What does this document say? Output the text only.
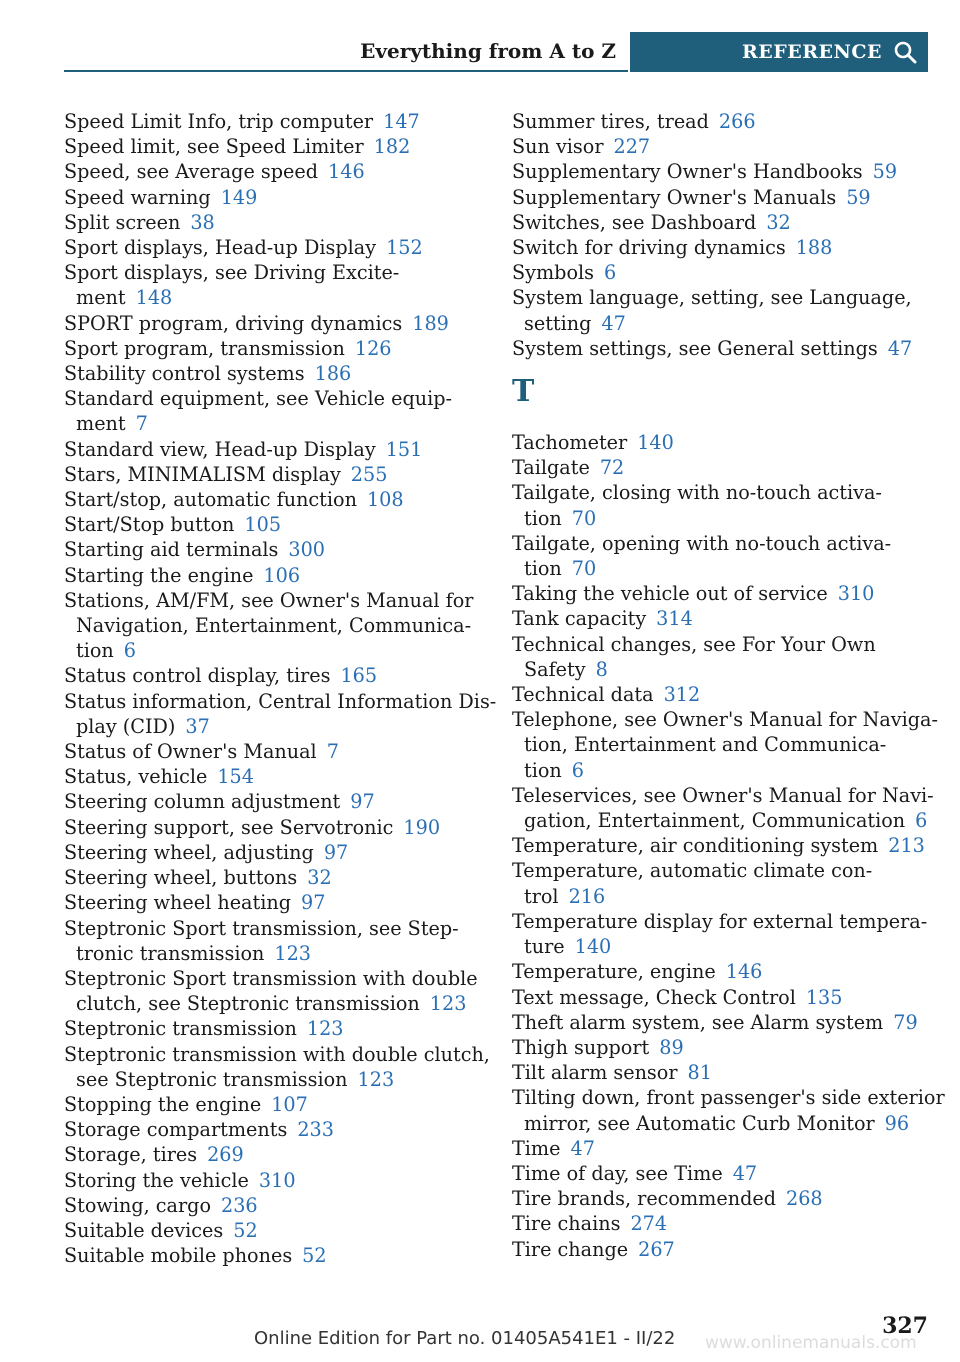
Everything from A to Z	REFERENCE
Speed Limit Info, trip computer 147
Speed limit, see Speed Limiter 182
Speed, see Average speed 146
Speed warning 149
Split screen 38
Sport displays, Head-up Display 152
Sport displays, see Driving Excite-
ment 148
SPORT program, driving dynamics 189
Sport program, transmission 126
Stability control systems 186
Standard equipment, see Vehicle equip-
ment 7
Standard view, Head-up Display 151
Stars, MINIMALISM display 255
Start/stop, automatic function 108
Start/Stop button 105
Starting aid terminals 300
Starting the engine 106
Stations, AM/FM, see Owner's Manual for
Navigation, Entertainment, Communica-
tion 6
Status control display, tires 165
Status information, Central Information Dis-
play (CID) 37
Status of Owner's Manual 7
Status, vehicle 154
Steering column adjustment 97
Steering support, see Servotronic 190
Steering wheel, adjusting 97
Steering wheel, buttons 32
Steering wheel heating 97
Steptronic Sport transmission, see Step-
tronic transmission 123
Steptronic Sport transmission with double
clutch, see Steptronic transmission 123
Steptronic transmission 123
Steptronic transmission with double clutch,
see Steptronic transmission 123
Stopping the engine 107
Storage compartments 233
Storage, tires 269
Storing the vehicle 310
Stowing, cargo 236
Suitable devices 52
Suitable mobile phones 52
Summer tires, tread 266
Sun visor 227
Supplementary Owner's Handbooks 59
Supplementary Owner's Manuals 59
Switches, see Dashboard 32
Switch for driving dynamics 188
Symbols 6
System language, setting, see Language,
setting 47
System settings, see General settings 47
T
Tachometer 140
Tailgate 72
Tailgate, closing with no-touch activa-
tion 70
Tailgate, opening with no-touch activa-
tion 70
Taking the vehicle out of service 310
Tank capacity 314
Technical changes, see For Your Own
Safety 8
Technical data 312
Telephone, see Owner's Manual for Naviga-
tion, Entertainment and Communica-
tion 6
Teleservices, see Owner's Manual for Navi-
gation, Entertainment, Communication 6
Temperature, air conditioning system 213
Temperature, automatic climate con-
trol 216
Temperature display for external tempera-
ture 140
Temperature, engine 146
Text message, Check Control 135
Theft alarm system, see Alarm system 79
Thigh support 89
Tilt alarm sensor 81
Tilting down, front passenger's side exterior
mirror, see Automatic Curb Monitor 96
Time 47
Time of day, see Time 47
Tire brands, recommended 268
Tire chains 274
Tire change 267
327
Online Edition for Part no. 01405A541E1 - II/22 www.onlinemanuals.com
